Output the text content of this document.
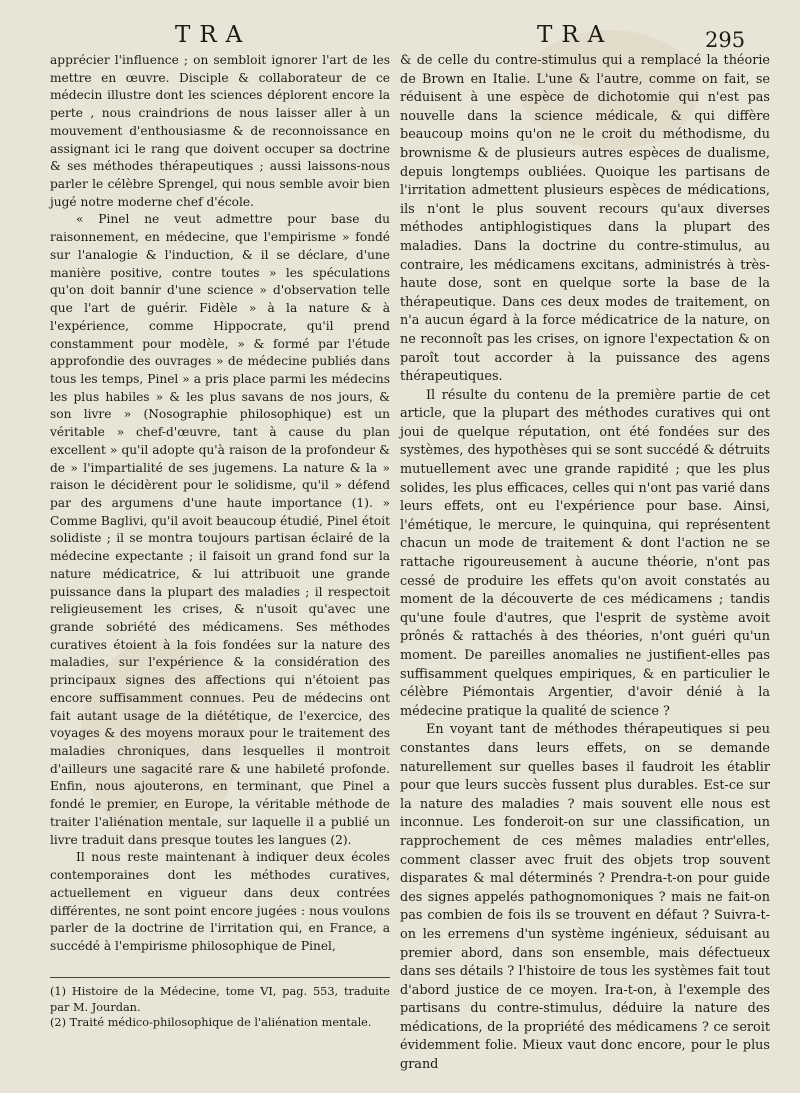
TRA	TRA	295

apprécier l'influence ; on sembloit ignorer l'art de les mettre en œuvre. Disciple & collaborateur de ce médecin illustre dont les sciences déplorent encore la perte , nous craindrions de nous laisser aller à un mouvement d'enthousiasme & de reconnoissance en assignant ici le rang que doivent occuper sa doctrine & ses méthodes thérapeutiques ; aussi laissons-nous parler le célèbre Sprengel, qui nous semble avoir bien jugé notre moderne chef d'école.

« Pinel ne veut admettre pour base du raisonnement, en médecine, que l'empirisme » fondé sur l'analogie & l'induction, & il se déclare, d'une manière positive, contre toutes » les spéculations qu'on doit bannir d'une science » d'observation telle que l'art de guérir. Fidèle » à la nature & à l'expérience, comme Hippocrate, qu'il prend constamment pour modèle, » & formé par l'étude approfondie des ouvrages » de médecine publiés dans tous les temps, Pinel » a pris place parmi les médecins les plus habiles » & les plus savans de nos jours, & son livre » (Nosographie philosophique) est un véritable » chef-d'œuvre, tant à cause du plan excellent » qu'il adopte qu'à raison de la profondeur & de » l'impartialité de ses jugemens. La nature & la » raison le décidèrent pour le solidisme, qu'il » défend par des argumens d'une haute importance (1). » Comme Baglivi, qu'il avoit beaucoup étudié, Pinel étoit solidiste ; il se montra toujours partisan éclairé de la médecine expectante ; il faisoit un grand fond sur la nature médicatrice, & lui attribuoit une grande puissance dans la plupart des maladies ; il respectoit religieusement les crises, & n'usoit qu'avec une grande sobriété des médicamens. Ses méthodes curatives étoient à la fois fondées sur la nature des maladies, sur l'expérience & la considération des principaux signes des affections qui n'étoient pas encore suffisamment connues. Peu de médecins ont fait autant usage de la diététique, de l'exercice, des voyages & des moyens moraux pour le traitement des maladies chroniques, dans lesquelles il montroit d'ailleurs une sagacité rare & une habileté profonde. Enfin, nous ajouterons, en terminant, que Pinel a fondé le premier, en Europe, la véritable méthode de traiter l'aliénation mentale, sur laquelle il a publié un livre traduit dans presque toutes les langues (2).

Il nous reste maintenant à indiquer deux écoles contemporaines dont les méthodes curatives, actuellement en vigueur dans deux contrées différentes, ne sont point encore jugées : nous voulons parler de la doctrine de l'irritation qui, en France, a succédé à l'empirisme philosophique de Pinel,

& de celle du contre-stimulus qui a remplacé la théorie de Brown en Italie. L'une & l'autre, comme on fait, se réduisent à une espèce de dichotomie qui n'est pas nouvelle dans la science médicale, & qui diffère beaucoup moins qu'on ne le croit du méthodisme, du brownisme & de plusieurs autres espèces de dualisme, depuis longtemps oubliées. Quoique les partisans de l'irritation admettent plusieurs espèces de médications, ils n'ont le plus souvent recours qu'aux diverses méthodes antiphlogistiques dans la plupart des maladies. Dans la doctrine du contre-stimulus, au contraire, les médicamens excitans, administrés à très-haute dose, sont en quelque sorte la base de la thérapeutique. Dans ces deux modes de traitement, on n'a aucun égard à la force médicatrice de la nature, on ne reconnoît pas les crises, on ignore l'expectation & on paroît tout accorder à la puissance des agens thérapeutiques.

Il résulte du contenu de la première partie de cet article, que la plupart des méthodes curatives qui ont joui de quelque réputation, ont été fondées sur des systèmes, des hypothèses qui se sont succédé & détruits mutuellement avec une grande rapidité ; que les plus solides, les plus efficaces, celles qui n'ont pas varié dans leurs effets, ont eu l'expérience pour base. Ainsi, l'émétique, le mercure, le quinquina, qui représentent chacun un mode de traitement & dont l'action ne se rattache rigoureusement à aucune théorie, n'ont pas cessé de produire les effets qu'on avoit constatés au moment de la découverte de ces médicamens ; tandis qu'une foule d'autres, que l'esprit de système avoit prônés & rattachés à des théories, n'ont guéri qu'un moment. De pareilles anomalies ne justifient-elles pas suffisamment quelques empiriques, & en particulier le célèbre Piémontais Argentier, d'avoir dénié à la médecine pratique la qualité de science ?

En voyant tant de méthodes thérapeutiques si peu constantes dans leurs effets, on se demande naturellement sur quelles bases il faudroit les établir pour que leurs succès fussent plus durables. Est-ce sur la nature des maladies ? mais souvent elle nous est inconnue. Les fonderoit-on sur une classification, un rapprochement de ces mêmes maladies entr'elles, comment classer avec fruit des objets trop souvent disparates & mal déterminés ? Prendra-t-on pour guide des signes appelés pathognomoniques ? mais ne fait-on pas combien de fois ils se trouvent en défaut ? Suivra-t-on les erremens d'un système ingénieux, séduisant au premier abord, dans son ensemble, mais défectueux dans ses détails ? l'histoire de tous les systèmes fait tout d'abord justice de ce moyen. Ira-t-on, à l'exemple des partisans du contre-stimulus, déduire la nature des médications, de la propriété des médicamens ? ce seroit évidemment folie. Mieux vaut donc encore, pour le plus grand

(1) Histoire de la Médecine, tome VI, pag. 553, traduite par M. Jourdan.

(2) Traité médico-philosophique de l'aliénation mentale.
